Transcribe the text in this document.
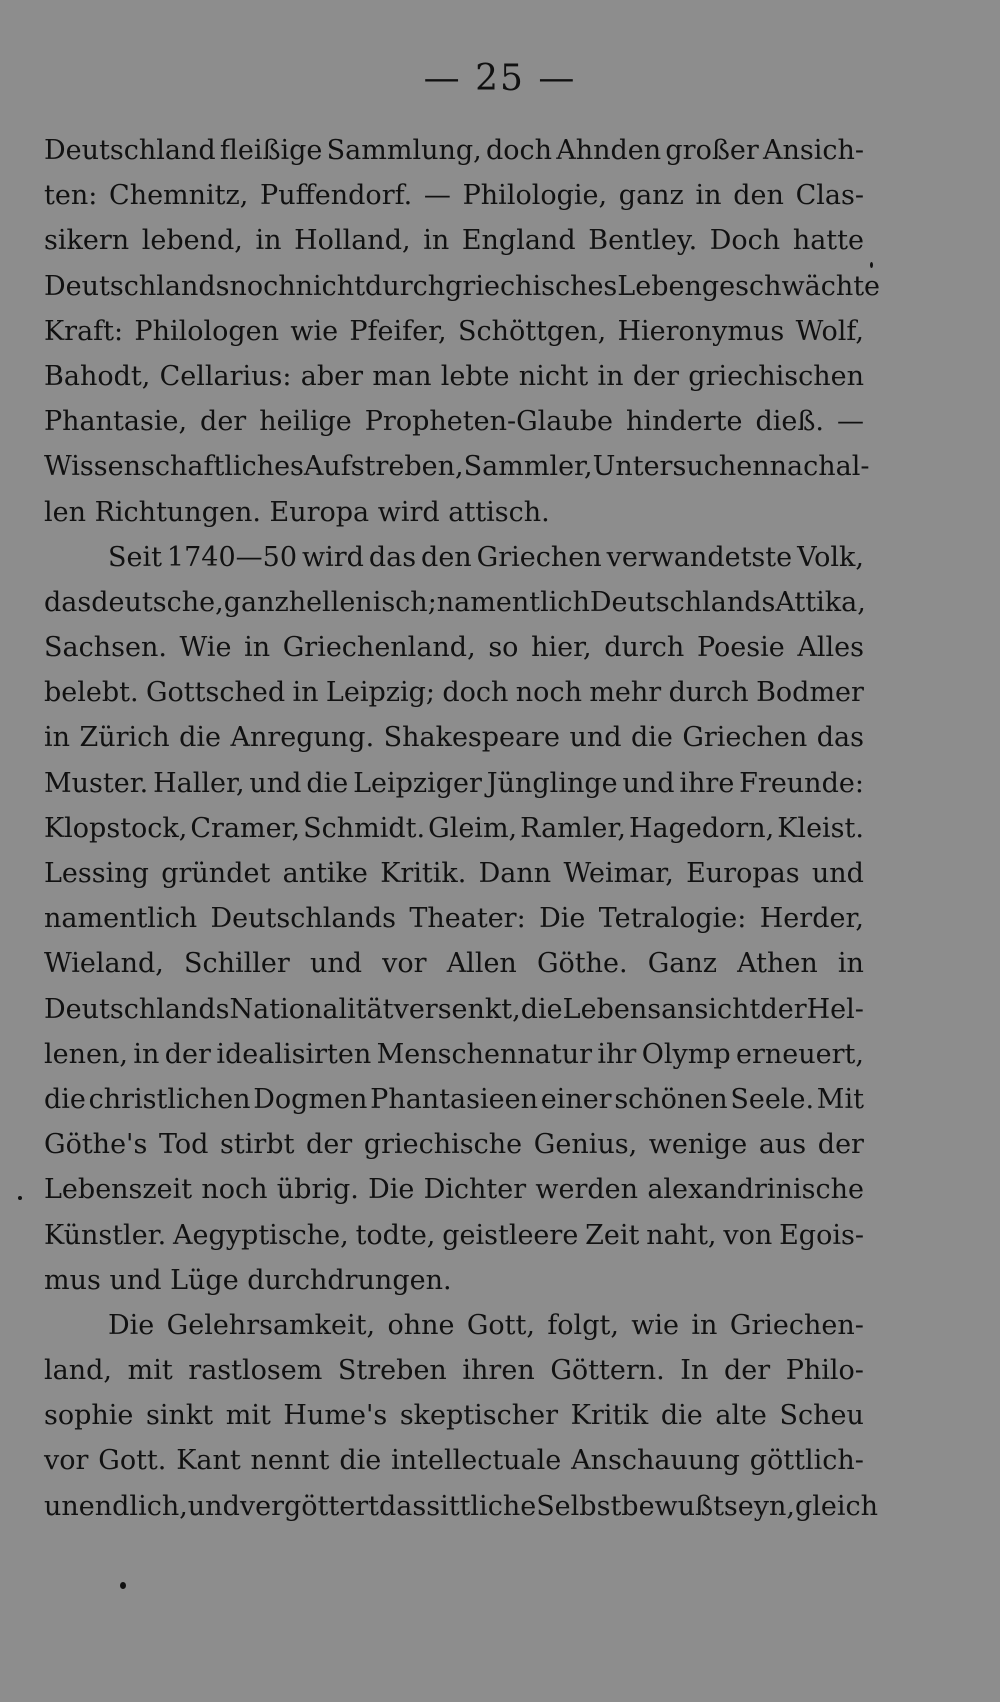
— 25 —
Deutschland fleißige Sammlung, doch Ahnden großer Ansich-
ten: Chemnitz, Puffendorf. — Philologie, ganz in den Clas-
sikern lebend, in Holland, in England Bentley. Doch hatte
Deutschlands noch nicht durch griechisches Leben geschwächte
Kraft: Philologen wie Pfeifer, Schöttgen, Hieronymus Wolf,
Bahodt, Cellarius: aber man lebte nicht in der griechischen
Phantasie, der heilige Propheten-Glaube hinderte dieß. —
Wissenschaftliches Aufstreben, Sammler, Untersuchen nach al-
len Richtungen. Europa wird attisch.
Seit 1740—50 wird das den Griechen verwandetste Volk,
das deutsche, ganz hellenisch; namentlich Deutschlands Attika,
Sachsen. Wie in Griechenland, so hier, durch Poesie Alles
belebt. Gottsched in Leipzig; doch noch mehr durch Bodmer
in Zürich die Anregung. Shakespeare und die Griechen das
Muster. Haller, und die Leipziger Jünglinge und ihre Freunde:
Klopstock, Cramer, Schmidt. Gleim, Ramler, Hagedorn, Kleist.
Lessing gründet antike Kritik. Dann Weimar, Europas und
namentlich Deutschlands Theater: Die Tetralogie: Herder,
Wieland, Schiller und vor Allen Göthe. Ganz Athen in
Deutschlands Nationalität versenkt, die Lebensansicht der Hel-
lenen, in der idealisirten Menschennatur ihr Olymp erneuert,
die christlichen Dogmen Phantasieen einer schönen Seele. Mit
Göthe's Tod stirbt der griechische Genius, wenige aus der
Lebenszeit noch übrig. Die Dichter werden alexandrinische
Künstler. Aegyptische, todte, geistleere Zeit naht, von Egois-
mus und Lüge durchdrungen.
Die Gelehrsamkeit, ohne Gott, folgt, wie in Griechen-
land, mit rastlosem Streben ihren Göttern. In der Philo-
sophie sinkt mit Hume's skeptischer Kritik die alte Scheu
vor Gott. Kant nennt die intellectuale Anschauung göttlich-
unendlich, und vergöttert das sittliche Selbstbewußtseyn, gleich
